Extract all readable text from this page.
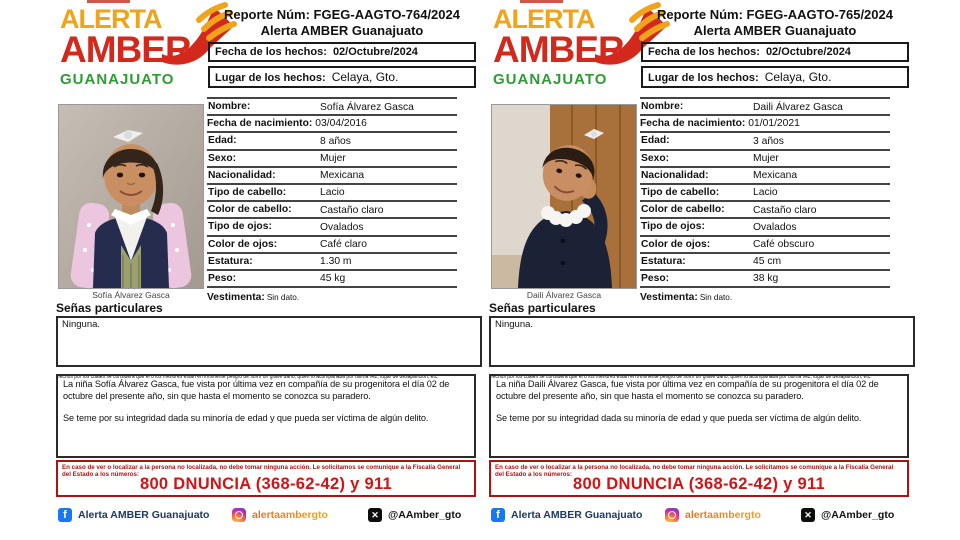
ALERTA
AMBER
GUANAJUATO
Reporte Núm: FGEG-AAGTO-764/2024
Alerta AMBER Guanajuato
Fecha de los hechos: 02/Octubre/2024
Lugar de los hechos: Celaya, Gto.
Sofía Álvarez Gasca
Nombre:	Sofía Álvarez Gasca
Fecha de nacimiento: 03/04/2016
Edad:	8 años
Sexo:	Mujer
Nacionalidad:	Mexicana
Tipo de cabello:	Lacio
Color de cabello:	Castaño claro
Tipo de ojos:	Ovalados
Color de ojos:	Café claro
Estatura:	1.30 m
Peso:	45 kg
Vestimenta: Sin dato.
Señas particulares
Ninguna.
Hechos por los cuales se considera que el o los menores están en inminente peligro de sufrir un grave daño; quién lo acompañaba por última vez, lugar de desaparición, etc.

La niña Sofía Álvarez Gasca, fue vista por última vez en compañía de su progenitora el día 02 de octubre del presente año, sin que hasta el momento se conozca su paradero.

Se teme por su integridad dada su minoría de edad y que pueda ser víctima de algún delito.

En caso de ver o localizar a la persona no localizada, no debe tomar ninguna acción. Le solicitamos se comunique a la Fiscalía General del Estado a los números:
800 DNUNCIA (368-62-42) y 911
f
Alerta AMBER Guanajuato	alertaambergto ✕	@AAmber_gto
ALERTA
AMBER
GUANAJUATO
Reporte Núm: FGEG-AAGTO-765/2024
Alerta AMBER Guanajuato
Fecha de los hechos: 02/Octubre/2024
Lugar de los hechos: Celaya, Gto.
Daili Álvarez Gasca
Nombre:	Daili Álvarez Gasca
Fecha de nacimiento: 01/01/2021
Edad:	3 años
Sexo:	Mujer
Nacionalidad:	Mexicana
Tipo de cabello:	Lacio
Color de cabello:	Castaño claro
Tipo de ojos:	Ovalados
Color de ojos:	Café obscuro
Estatura:	45 cm
Peso:	38 kg
Vestimenta: Sin dato.
Señas particulares
Ninguna.
Hechos por los cuales se considera que el o los menores están en inminente peligro de sufrir un grave daño; quién lo acompañaba por última vez, lugar de desaparición, etc.

La niña Daili Álvarez Gasca, fue vista por última vez en compañía de su progenitora el día 02 de octubre del presente año, sin que hasta el momento se conozca su paradero.

Se teme por su integridad dada su minoría de edad y que pueda ser víctima de algún delito.

En caso de ver o localizar a la persona no localizada, no debe tomar ninguna acción. Le solicitamos se comunique a la Fiscalía General del Estado a los números:
800 DNUNCIA (368-62-42) y 911
f
Alerta AMBER Guanajuato	alertaambergto ✕	@AAmber_gto
